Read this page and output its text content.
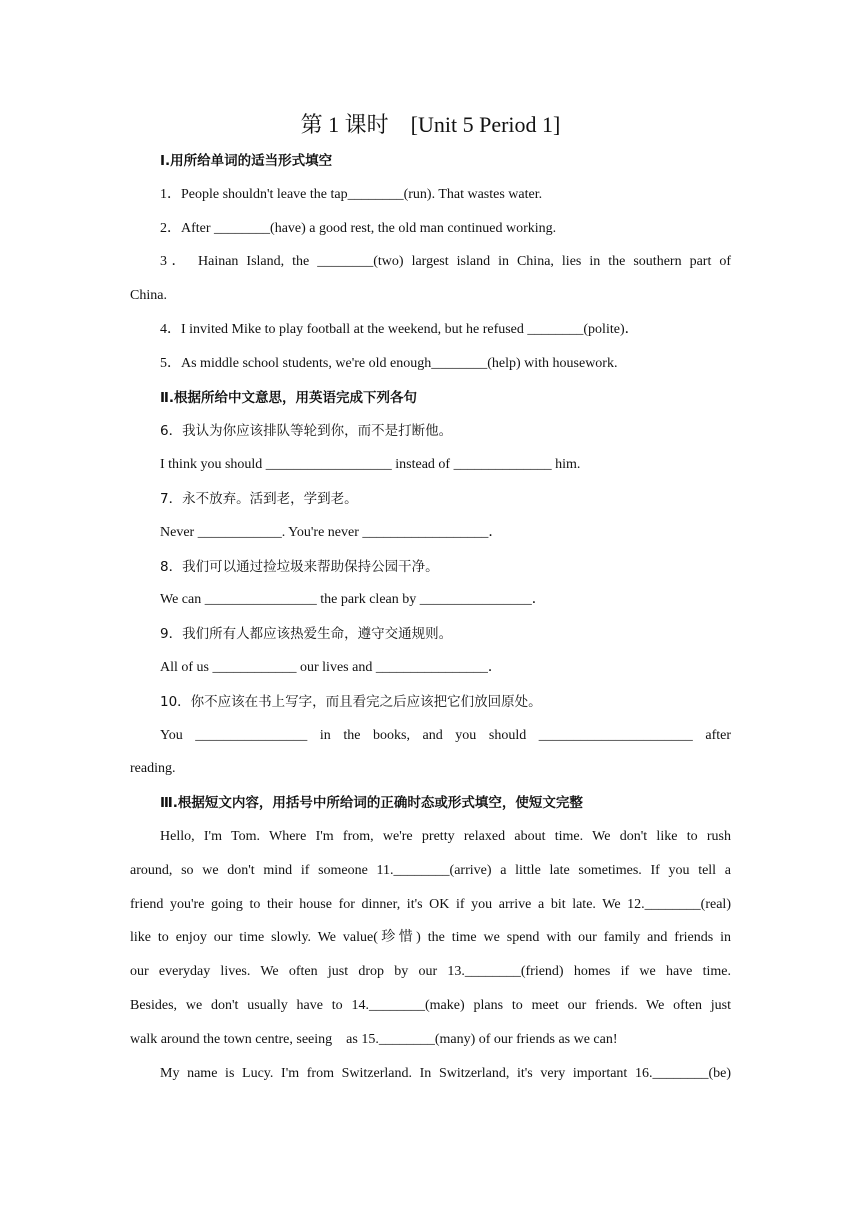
第 1 课时　[Unit 5 Period 1]
Ⅰ.用所给单词的适当形式填空
1．People shouldn't leave the tap________(run). That wastes water.
2．After ________(have) a good rest, the old man continued working.
3． Hainan Island, the ________(two) largest island in China, lies in the southern part of
China.
4．I invited Mike to play football at the weekend, but he refused ________(polite)．
5．As middle school students, we're old enough________(help) with housework.
Ⅱ.根据所给中文意思，用英语完成下列各句
6．我认为你应该排队等轮到你，而不是打断他。
I think you should __________________ instead of ______________ him.
7．永不放弃。活到老，学到老。
Never ____________. You're never __________________．
8．我们可以通过捡垃圾来帮助保持公园干净。
We can ________________ the park clean by ________________．
9．我们所有人都应该热爱生命，遵守交通规则。
All of us ____________ our lives and ________________．
10．你不应该在书上写字，而且看完之后应该把它们放回原处。
You ________________ in the books, and you should ______________________ after
reading.
Ⅲ.根据短文内容，用括号中所给词的正确时态或形式填空，使短文完整
Hello, I'm Tom. Where I'm from, we're pretty relaxed about time. We don't like to rush
around, so we don't mind if someone 11.________(arrive) a little late sometimes. If you tell a
friend you're going to their house for dinner, it's OK if you arrive a bit late. We 12.________(real)
like to enjoy our time slowly. We value(珍惜) the time we spend with our family and friends in
our everyday lives. We often just drop by our 13.________(friend) homes if we have time.
Besides, we don't usually have to 14.________(make) plans to meet our friends. We often just
walk around the town centre, seeing　as 15.________(many) of our friends as we can!
My name is Lucy. I'm from Switzerland. In Switzerland, it's very important 16.________(be)
